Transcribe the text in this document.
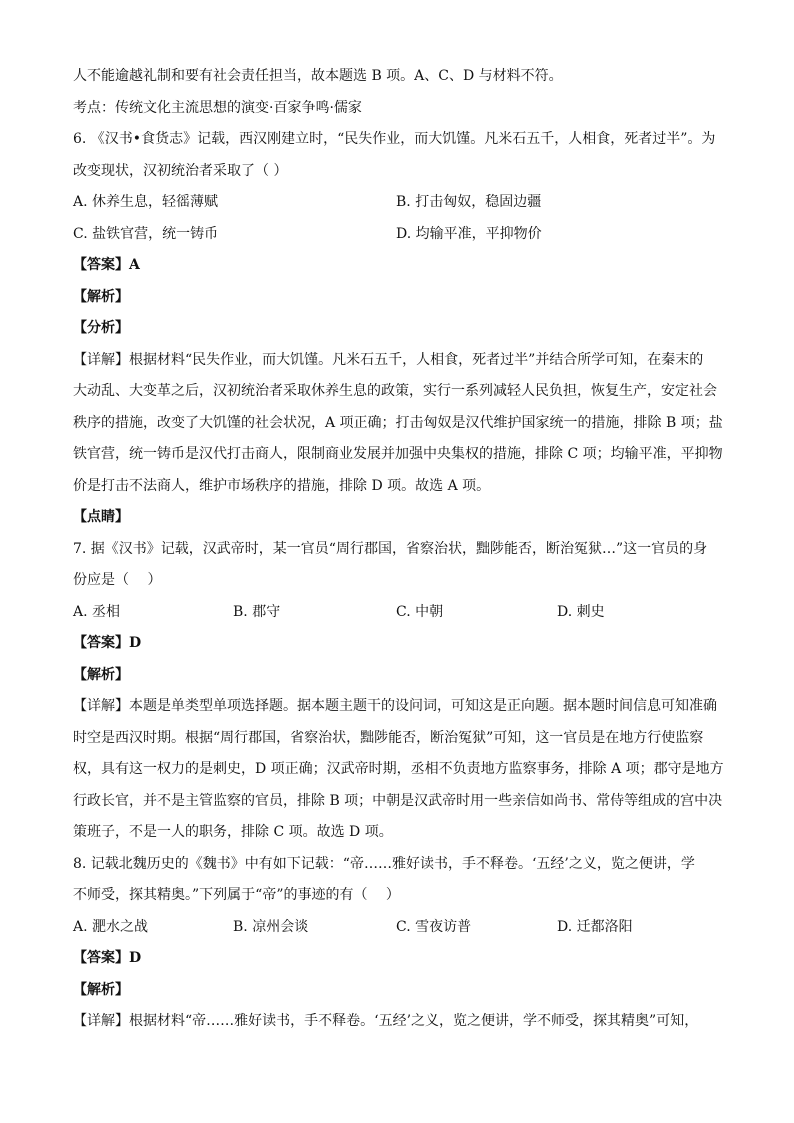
人不能逾越礼制和要有社会责任担当，故本题选 B 项。A、C、D 与材料不符。
考点：传统文化主流思想的演变·百家争鸣·儒家
6. 《汉书•食货志》记载，西汉刚建立时，“民失作业，而大饥馑。凡米石五千，人相食，死者过半”。为
改变现状，汉初统治者采取了（ ）
A. 休养生息，轻徭薄赋	B. 打击匈奴，稳固边疆
C. 盐铁官营，统一铸币	D. 均输平准，平抑物价
【答案】A
【解析】
【分析】
【详解】根据材料“民失作业，而大饥馑。凡米石五千，人相食，死者过半”并结合所学可知，在秦末的
大动乱、大变革之后，汉初统治者采取休养生息的政策，实行一系列减轻人民负担，恢复生产，安定社会
秩序的措施，改变了大饥馑的社会状况，A 项正确；打击匈奴是汉代维护国家统一的措施，排除 B 项；盐
铁官营，统一铸币是汉代打击商人，限制商业发展并加强中央集权的措施，排除 C 项；均输平准，平抑物
价是打击不法商人，维护市场秩序的措施，排除 D 项。故选 A 项。
【点睛】
7. 据《汉书》记载，汉武帝时，某一官员“周行郡国，省察治状，黜陟能否，断治冤狱…”这一官员的身
份应是（　 ）
A. 丞相	B. 郡守	C. 中朝	D. 刺史
【答案】D
【解析】
【详解】本题是单类型单项选择题。据本题主题干的设问词，可知这是正向题。据本题时间信息可知准确
时空是西汉时期。根据“周行郡国，省察治状，黜陟能否，断治冤狱”可知，这一官员是在地方行使监察
权，具有这一权力的是刺史，D 项正确；汉武帝时期，丞相不负责地方监察事务，排除 A 项；郡守是地方
行政长官，并不是主管监察的官员，排除 B 项；中朝是汉武帝时用一些亲信如尚书、常侍等组成的宫中决
策班子，不是一人的职务，排除 C 项。故选 D 项。
8. 记载北魏历史的《魏书》中有如下记载：“帝……雅好读书，手不释卷。‘五经’之义，览之便讲，学
不师受，探其精奥。”下列属于“帝”的事迹的有（　 ）
A. 淝水之战	B. 凉州会谈	C. 雪夜访普	D. 迁都洛阳
【答案】D
【解析】
【详解】根据材料“帝……雅好读书，手不释卷。‘五经’之义，览之便讲，学不师受，探其精奥”可知，
